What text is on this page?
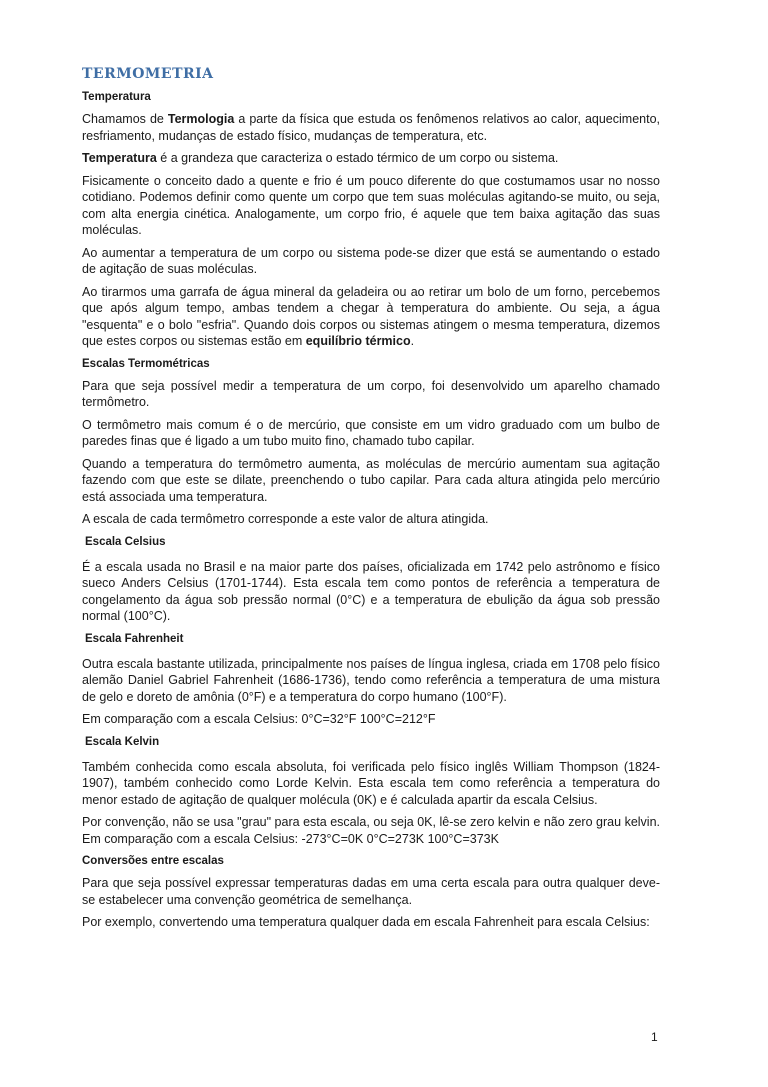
TERMOMETRIA
Temperatura

Chamamos de Termologia a parte da física que estuda os fenômenos relativos ao calor, aquecimento, resfriamento, mudanças de estado físico, mudanças de temperatura, etc.

Temperatura é a grandeza que caracteriza o estado térmico de um corpo ou sistema.

Fisicamente o conceito dado a quente e frio é um pouco diferente do que costumamos usar no nosso cotidiano. Podemos definir como quente um corpo que tem suas moléculas agitando-se muito, ou seja, com alta energia cinética. Analogamente, um corpo frio, é aquele que tem baixa agitação das suas moléculas.

Ao aumentar a temperatura de um corpo ou sistema pode-se dizer que está se aumentando o estado de agitação de suas moléculas.

Ao tirarmos uma garrafa de água mineral da geladeira ou ao retirar um bolo de um forno, percebemos que após algum tempo, ambas tendem a chegar à temperatura do ambiente. Ou seja, a água "esquenta" e o bolo "esfria". Quando dois corpos ou sistemas atingem o mesma temperatura, dizemos que estes corpos ou sistemas estão em equilíbrio térmico.

Escalas Termométricas

Para que seja possível medir a temperatura de um corpo, foi desenvolvido um aparelho chamado termômetro.

O termômetro mais comum é o de mercúrio, que consiste em um vidro graduado com um bulbo de paredes finas que é ligado a um tubo muito fino, chamado tubo capilar.

Quando a temperatura do termômetro aumenta, as moléculas de mercúrio aumentam sua agitação fazendo com que este se dilate, preenchendo o tubo capilar. Para cada altura atingida pelo mercúrio está associada uma temperatura.

A escala de cada termômetro corresponde a este valor de altura atingida.

Escala Celsius

É a escala usada no Brasil e na maior parte dos países, oficializada em 1742 pelo astrônomo e físico sueco Anders Celsius (1701-1744). Esta escala tem como pontos de referência a temperatura de congelamento da água sob pressão normal (0°C) e a temperatura de ebulição da água sob pressão normal (100°C).

Escala Fahrenheit

Outra escala bastante utilizada, principalmente nos países de língua inglesa, criada em 1708 pelo físico alemão Daniel Gabriel Fahrenheit (1686-1736), tendo como referência a temperatura de uma mistura de gelo e doreto de amônia (0°F) e a temperatura do corpo humano (100°F).

Em comparação com a escala Celsius: 0°C=32°F 100°C=212°F

Escala Kelvin

Também conhecida como escala absoluta, foi verificada pelo físico inglês William Thompson (1824-1907), também conhecido como Lorde Kelvin. Esta escala tem como referência a temperatura do menor estado de agitação de qualquer molécula (0K) e é calculada apartir da escala Celsius.

Por convenção, não se usa "grau" para esta escala, ou seja 0K, lê-se zero kelvin e não zero grau kelvin. Em comparação com a escala Celsius: -273°C=0K 0°C=273K 100°C=373K

Conversões entre escalas

Para que seja possível expressar temperaturas dadas em uma certa escala para outra qualquer deve-se estabelecer uma convenção geométrica de semelhança.

Por exemplo, convertendo uma temperatura qualquer dada em escala Fahrenheit para escala Celsius:

1
